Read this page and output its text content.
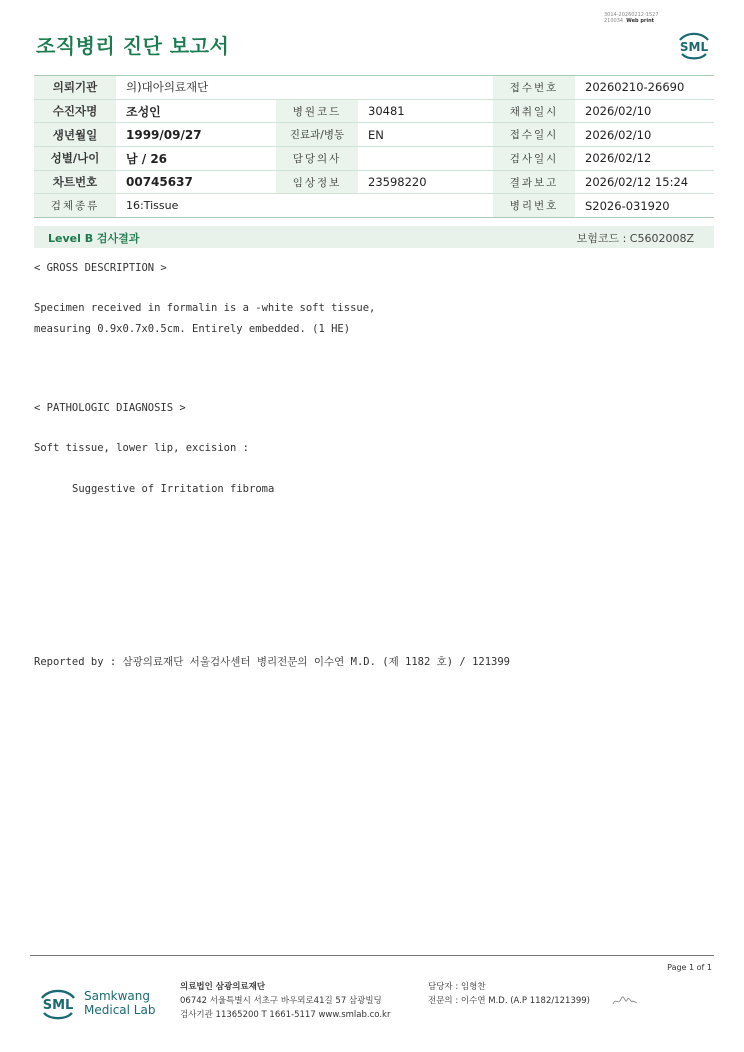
조직병리 진단 보고서
3014-20260212-1527
210034 Web print
SML
의뢰기관	의)대아의료재단			접수번호	20260210-26690
수진자명	조성인	병원코드	30481	채취일시	2026/02/10
생년월일	1999/09/27	진료과/병동	EN	접수일시	2026/02/10
성별/나이	남 / 26	담당의사		검사일시	2026/02/12
차트번호	00745637	임상정보	23598220	결과보고	2026/02/12 15:24
검체종류	16:Tissue			병리번호	S2026-031920
Level B 검사결과	보험코드 : C5602008Z
< GROSS DESCRIPTION >
Specimen received in formalin is a -white soft tissue,
measuring 0.9x0.7x0.5cm. Entirely embedded. (1 HE)
< PATHOLOGIC DIAGNOSIS >
Soft tissue, lower lip, excision :
Suggestive of Irritation fibroma
Reported by : 삼광의료재단 서울검사센터 병리전문의 이수연 M.D. (제 1182 호) / 121399
Page 1 of 1
SML
Samkwang
Medical Lab
의료법인 삼광의료재단
06742 서울특별시 서초구 바우뫼로41길 57 삼광빌딩
검사기관 11365200 T 1661-5117 www.smlab.co.kr
담당자 : 임형찬
전문의 : 이수연 M.D. (A.P 1182/121399)
